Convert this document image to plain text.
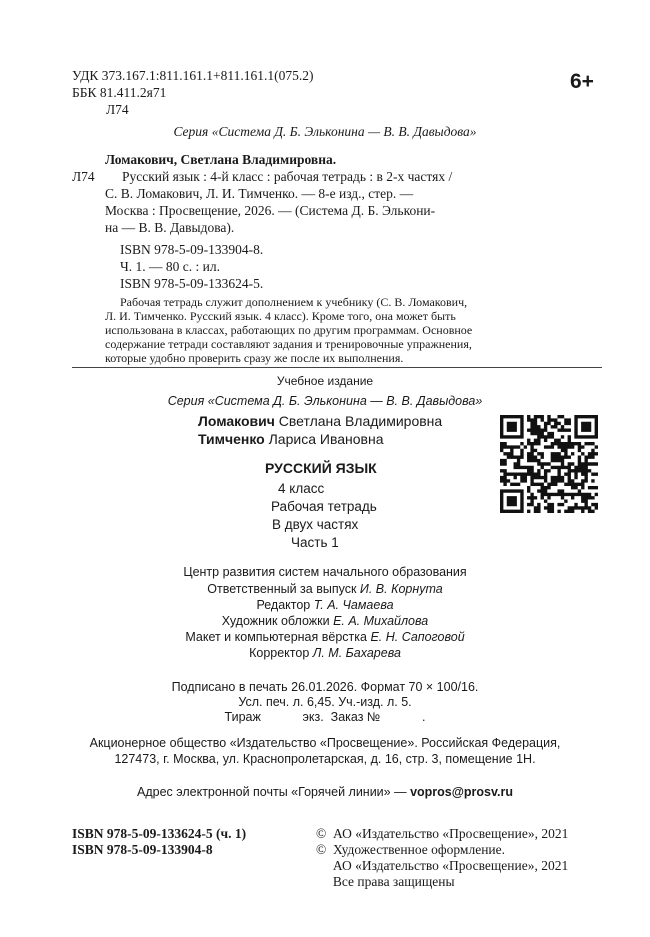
УДК 373.167.1:811.161.1+811.161.1(075.2)
ББК 81.411.2я71
Л74
6+
Серия «Система Д. Б. Эльконина — В. В. Давыдова»
Ломакович, Светлана Владимировна.
Л74 Русский язык : 4-й класс : рабочая тетрадь : в 2-х частях /
С. В. Ломакович, Л. И. Тимченко. — 8-е изд., стер. —
Москва : Просвещение, 2026. — (Система Д. Б. Элькони-
на — В. В. Давыдова).
ISBN 978-5-09-133904-8.
Ч. 1. — 80 с. : ил.
ISBN 978-5-09-133624-5.
Рабочая тетрадь служит дополнением к учебнику (С. В. Ломакович,
Л. И. Тимченко. Русский язык. 4 класс). Кроме того, она может быть
использована в классах, работающих по другим программам. Основное
содержание тетради составляют задания и тренировочные упражнения,
которые удобно проверить сразу же после их выполнения.
Учебное издание
Серия «Система Д. Б. Эльконина — В. В. Давыдова»
Ломакович Светлана Владимировна
Тимченко Лариса Ивановна
РУССКИЙ ЯЗЫК
4 класс
Рабочая тетрадь
В двух частях
Часть 1
Центр развития систем начального образования
Ответственный за выпуск И. В. Корнута
Редактор Т. А. Чамаева
Художник обложки Е. А. Михайлова
Макет и компьютерная вёрстка Е. Н. Сапоговой
Корректор Л. М. Бахарева
Подписано в печать 26.01.2026. Формат 70 × 100/16.
Усл. печ. л. 6,45. Уч.-изд. л. 5.
Тираж            экз.  Заказ №            .
Акционерное общество «Издательство «Просвещение». Российская Федерация,
127473, г. Москва, ул. Краснопролетарская, д. 16, стр. 3, помещение 1Н.
Адрес электронной почты «Горячей линии» — vopros@prosv.ru
ISBN 978-5-09-133624-5 (ч. 1)
ISBN 978-5-09-133904-8
©  АО «Издательство «Просвещение», 2021
©  Художественное оформление.
АО «Издательство «Просвещение», 2021
Все права защищены
